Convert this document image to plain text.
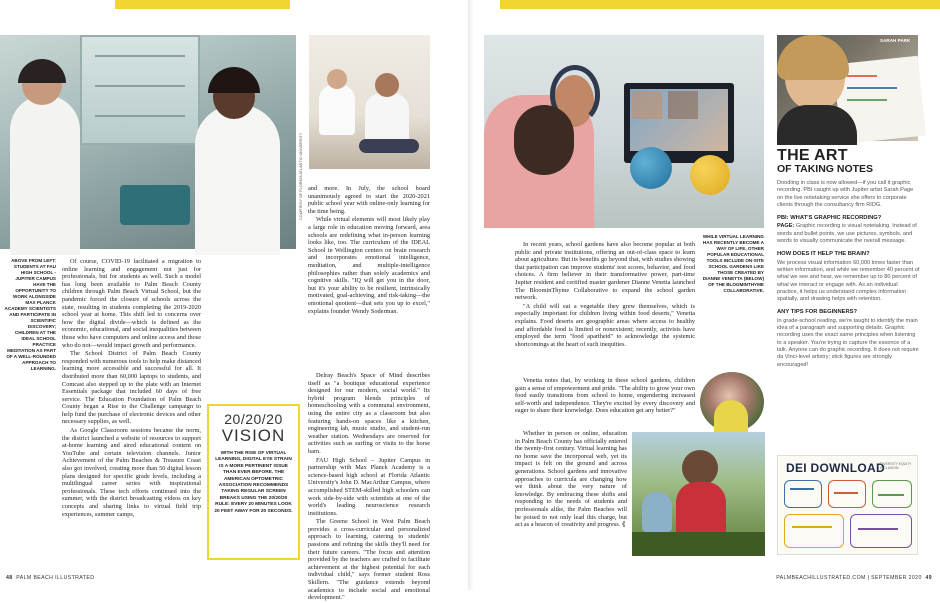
COURTESY OF FLORIDA ATLANTIC UNIVERSITY
ABOVE FROM LEFT: STUDENTS AT FAU HIGH SCHOOL - JUPITER CAMPUS HAVE THE OPPORTUNITY TO WORK ALONGSIDE MAX PLANCK ACADEMY SCIENTISTS AND PARTICIPATE IN SCIENTIFIC DISCOVERY; CHILDREN AT THE IDEAL SCHOOL PRACTICE MEDITATION AS PART OF A WELL-ROUNDED APPROACH TO LEARNING.

Of course, COVID-19 facilitated a migration to online learning and engagement not just for professionals, but for students as well. Such a model has long been available to Palm Beach County children through Palm Beach Virtual School, but the pandemic forced the closure of schools across the state, resulting in students completing the 2019-2020 school year at home. This shift led to concerns over how the digital divide—which is defined as the economic, educational, and social inequalities between those who have computers and online access and those who do not—would impact growth and performance.

The School District of Palm Beach County responded with numerous tools to help make distanced learning more accessible and successful for all. It distributed more than 60,000 laptops to students, and Comcast also stepped up to the plate with an Internet Essentials package that included 60 days of free service. The Education Foundation of Palm Beach County began a Rise to the Challenge campaign to help fund the purchase of electronic devices and other necessary supplies, as well.

As Google Classroom sessions became the norm, the district launched a website of resources to support at-home learning and aired educational content on YouTube and certain television channels. Junior Achievement of the Palm Beaches & Treasure Coast also got involved, creating more than 50 digital lesson plans designed for specific grade levels, including a multilingual career series with inspirational professionals. These tech efforts continued into the summer, with the district broadcasting videos on key concepts and sharing links to virtual field trip experiences, summer camps,

and more. In July, the school board unanimously agreed to start the 2020-2021 public school year with online-only learning for the time being.

While virtual elements will most likely play a large role in education moving forward, area schools are redefining what in-person learning looks like, too. The curriculum of the IDEAL School in Wellington centers on brain research and incorporates emotional intelligence, meditation, and multiple-intelligence philosophies rather than solely academics and cognitive skills. "IQ will get you in the door, but it's your ability to be resilient, intrinsically motivated, goal-achieving, and risk-taking—the emotional quotient—that sets you up to excel," explains founder Wendy Soderman.

20/20/20
VISION
WITH THE RISE OF VIRTUAL LEARNING, DIGITAL EYE STRAIN IS A MORE PERTINENT ISSUE THAN EVER BEFORE. THE AMERICAN OPTOMETRIC ASSOCIATION RECOMMENDS TAKING REGULAR SCREEN BREAKS USING THE 20/20/20 RULE: EVERY 20 MINUTES LOOK 20 FEET AWAY FOR 20 SECONDS.

Delray Beach's Space of Mind describes itself as "a boutique educational experience designed for our modern, social world." Its hybrid program blends principles of homeschooling with a communal environment, using the entire city as a classroom but also featuring hands-on spaces like a kitchen, engineering lab, music studio, and student-run weather station. Wednesdays are reserved for activities such as surfing or visits to the horse barn.

FAU High School – Jupiter Campus in partnership with Max Planck Academy is a science-based high school at Florida Atlantic University's John D. MacArthur Campus, where accomplished STEM-skilled high schoolers can work side-by-side with scientists at one of the world's leading neuroscience research institutions.

The Greene School in West Palm Beach provides a cross-curricular and personalized approach to learning, catering to students' passions and refining the skills they'll need for their future careers. "The focus and attention provided by the teachers are crafted to facilitate achievement at the highest potential for each individual child," says former student Ross Skillern. "The guidance extends beyond academics to include social and emotional development."

SARAH PARK

In recent years, school gardens have also become popular at both public and private institutions, offering an out-of-class space to learn about agriculture. But its benefits go beyond that, with studies showing that participation can improve students' test scores, behavior, and food choices. A firm believer in their transformative power, part-time Jupiter resident and certified master gardener Dianne Venetta launched The BloominThyme Collaborative to expand the school garden network.

"A child will eat a vegetable they grew themselves, which is especially important for children living within food deserts," Venetta explains. Food deserts are geographic areas where access to healthy and affordable food is limited or nonexistent; recently, activists have employed the term "food apartheid" to acknowledge the systemic shortcomings at the heart of such inequities.

Venetta notes that, by working in these school gardens, children gain a sense of empowerment and pride. "The ability to grow your own food easily transitions from school to home, engendering increased self-worth and independence. They're excited by every discovery and eager to share their knowledge. Does education get any better?"

Whether in person or online, education in Palm Beach County has officially entered the twenty-first century. Virtual learning has no home save the incorporeal web, yet its impact is felt on the ground and across generations. School gardens and innovative approaches to curricula are changing how we think about the very nature of knowledge. By embracing these shifts and responding to the needs of students and professionals alike, the Palm Beaches will be poised to not only lead this charge, but act as a beacon of creativity and progress. ⟪

WHILE VIRTUAL LEARNING HAS RECENTLY BECOME A WAY OF LIFE, OTHER POPULAR EDUCATIONAL TOOLS INCLUDE ON-SITE SCHOOL GARDENS LIKE THOSE CREATED BY DIANNE VENETTA (BELOW) OF THE BLOOMINTHYME COLLABORATIVE.
THE ART
OF TAKING NOTES

Doodling in class is now allowed—if you call it graphic recording. PBI caught up with Jupiter artist Sarah Page on the live notetaking service she offers to corporate clients through the consultancy firm RIDG.

PBI: WHAT'S GRAPHIC RECORDING?

PAGE: Graphic recording is visual notetaking. Instead of words and bullet points, we use pictures, symbols, and words to visually communicate the overall message.

HOW DOES IT HELP THE BRAIN?

We process visual information 60,000 times faster than written information, and while we remember 40 percent of what we see and hear, we remember up to 80 percent of what we interact or engage with. As an individual practice, it helps us understand complex information spatially, and drawing helps with retention.

ANY TIPS FOR BEGINNERS?

In grade-school reading, we're taught to identify the main idea of a paragraph and supporting details. Graphic recording uses the exact same principles when listening to a speaker. You're trying to capture the essence of a talk. Anyone can do graphic recording. It does not require da Vinci-level artistry; stick figures are strongly encouraged!

DEI DOWNLOAD
DIVERSITY EQUITY INCLUSION
48 PALM BEACH ILLUSTRATED	PALMBEACHILLUSTRATED.COM | SEPTEMBER 2020 49
